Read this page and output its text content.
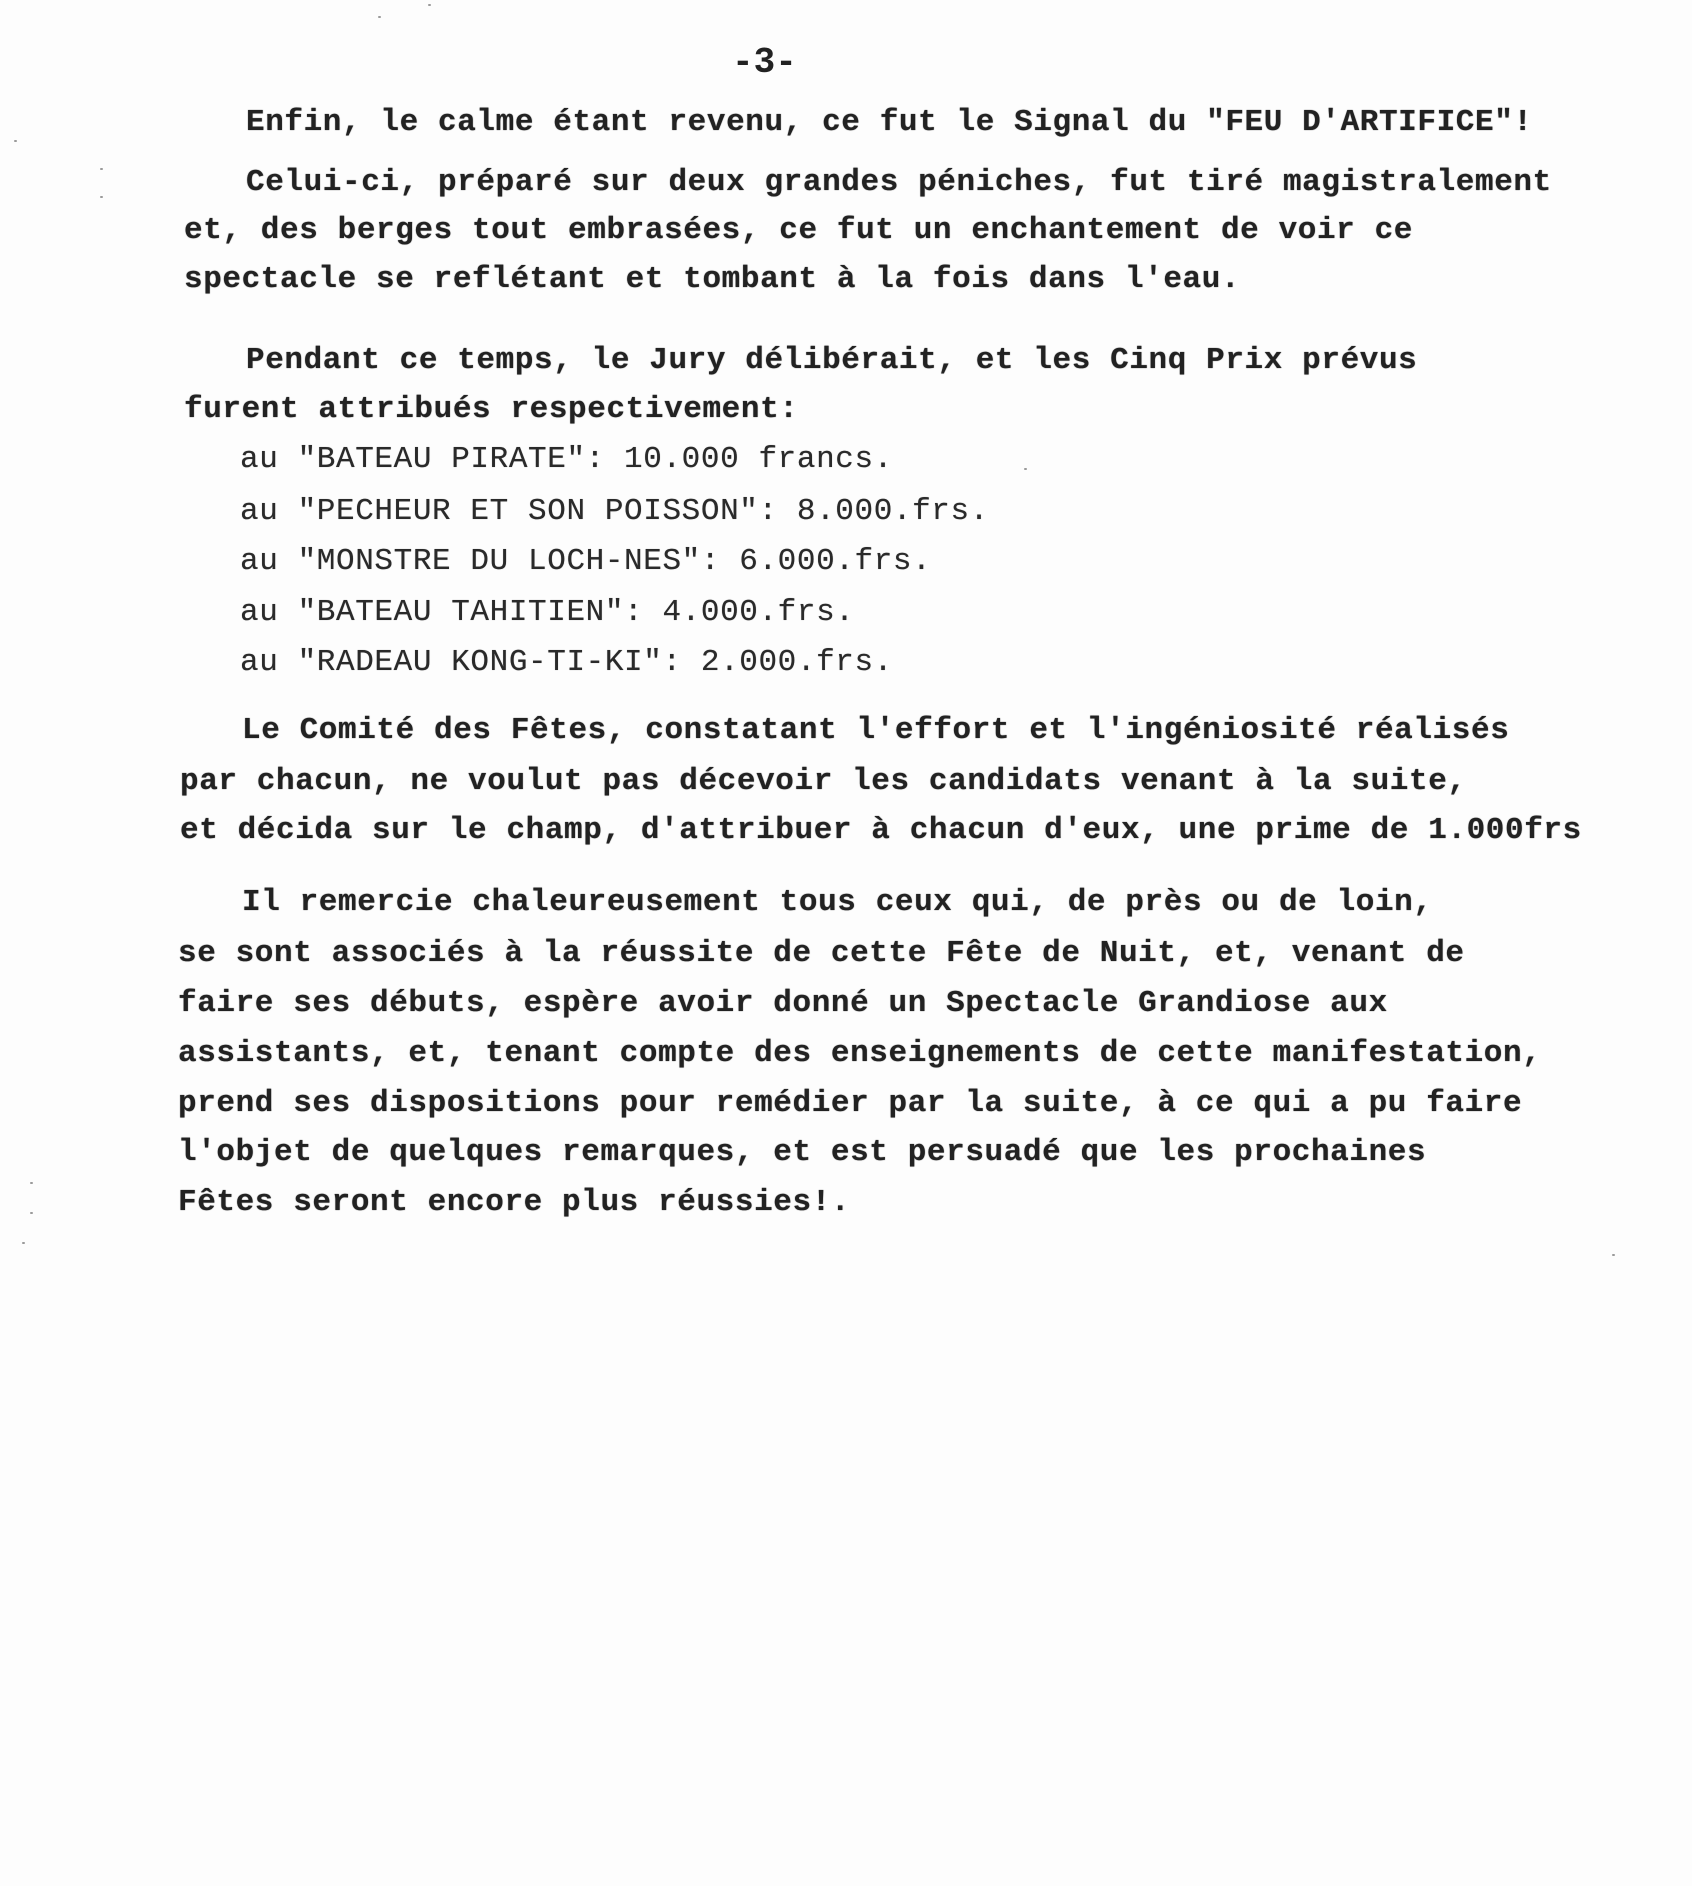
-3-
Enfin, le calme étant revenu, ce fut le Signal du "FEU D'ARTIFICE"!
Celui-ci, préparé sur deux grandes péniches, fut tiré magistralement
et, des berges tout embrasées, ce fut un enchantement de voir ce
spectacle se reflétant et tombant à la fois dans l'eau.
Pendant ce temps, le Jury délibérait, et les Cinq Prix prévus
furent attribués respectivement:
au "BATEAU PIRATE": 10.000 francs.
au "PECHEUR ET SON POISSON": 8.000.frs.
au "MONSTRE DU LOCH-NES": 6.000.frs.
au "BATEAU TAHITIEN": 4.000.frs.
au "RADEAU KONG-TI-KI": 2.000.frs.
Le Comité des Fêtes, constatant l'effort et l'ingéniosité réalisés
par chacun, ne voulut pas décevoir les candidats venant à la suite,
et décida sur le champ, d'attribuer à chacun d'eux, une prime de 1.000frs
Il remercie chaleureusement tous ceux qui, de près ou de loin,
se sont associés à la réussite de cette Fête de Nuit, et, venant de
faire ses débuts, espère avoir donné un Spectacle Grandiose aux
assistants, et, tenant compte des enseignements de cette manifestation,
prend ses dispositions pour remédier par la suite, à ce qui a pu faire
l'objet de quelques remarques, et est persuadé que les prochaines
Fêtes seront encore plus réussies!.
